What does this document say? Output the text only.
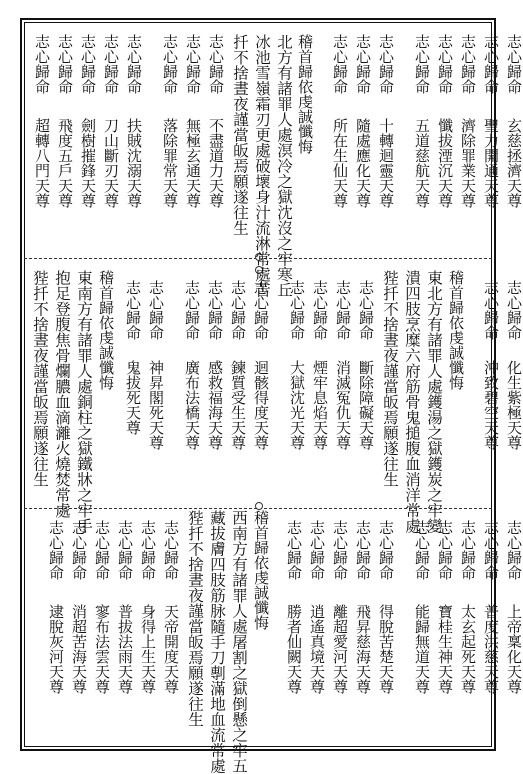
志心歸命
玄慈拯濟天尊
志心歸命
聖力開通天尊
志心歸命
濟除罪業天尊
志心歸命
懺拔湮沉天尊
志心歸命
五道慈航天尊
志心歸命
十轉迴靈天尊
志心歸命
隨處應化天尊
志心歸命
所在生仙天尊
稽首歸依虔誠懺悔
北方有諸罪人處溟冷之獄沈沒之牢寒丘
冰池雪嶺霜刃更處破壞身汁流淋常處苦
扦不捨晝夜謹當皈焉願遂往生
志心歸命
不盡道力天尊
志心歸命
無極玄通天尊
志心歸命
落除罪常天尊
志心歸命
扶賊沈溺天尊
志心歸命
刀山斷刃天尊
志心歸命
劍樹摧鋒天尊
志心歸命
飛度五戶天尊
志心歸命
超轉八門天尊
志心歸命
化生紫極天尊
志心歸命
沖致碧空天尊
稽首歸依虔誠懺悔
東北方有諸罪人處鑊湯之獄鑊炭之牢變
潰四肢烹糜六府筋骨鬼搥腹血消洋常處
狴扦不捨晝夜謹當皈焉願遂往生
志心歸命
斷除障礙天尊
志心歸命
消滅冤仇天尊
志心歸命
煙牢息焰天尊
志心歸命
大獄沈光天尊
志心歸命
迴骸得度天尊
志心歸命
鍊質受生天尊
志心歸命
感救福海天尊
志心歸命
廣布法橋天尊
志心歸命
神昇閣死天尊
志心歸命
鬼拔死天尊
稽首歸依虔誠懺悔
東南方有諸罪人處銅柱之獄鐵牀之牢手
抱足登腹焦骨爛膿血滴灕火燒焚常處
狴扦不捨晝夜謹當皈焉願遂往生
志心歸命
上帝稟化天尊
志心歸命
普度洪慈天尊
志心歸命
太玄起死天尊
志心歸命
寶桂生神天尊
志心歸命
能歸無道天尊
志心歸命
得脫苦楚天尊
志心歸命
飛昇慈海天尊
志心歸命
離超愛河天尊
志心歸命
逍遙真境天尊
志心歸命
勝者仙闕天尊
稽首歸依虔誠懺悔
西南方有諸罪人處屠割之獄倒懸之牢五
藏拔膚四肢筋脉隨手刀剸滿地血流常處
狴扦不捨晝夜謹當皈焉願遂往生
志心歸命
天帝開度天尊
志心歸命
身得上生天尊
志心歸命
普拔法雨天尊
志心歸命
寥布法雲天尊
志心歸命
消超苦海天尊
志心歸命
逮脫灰河天尊
